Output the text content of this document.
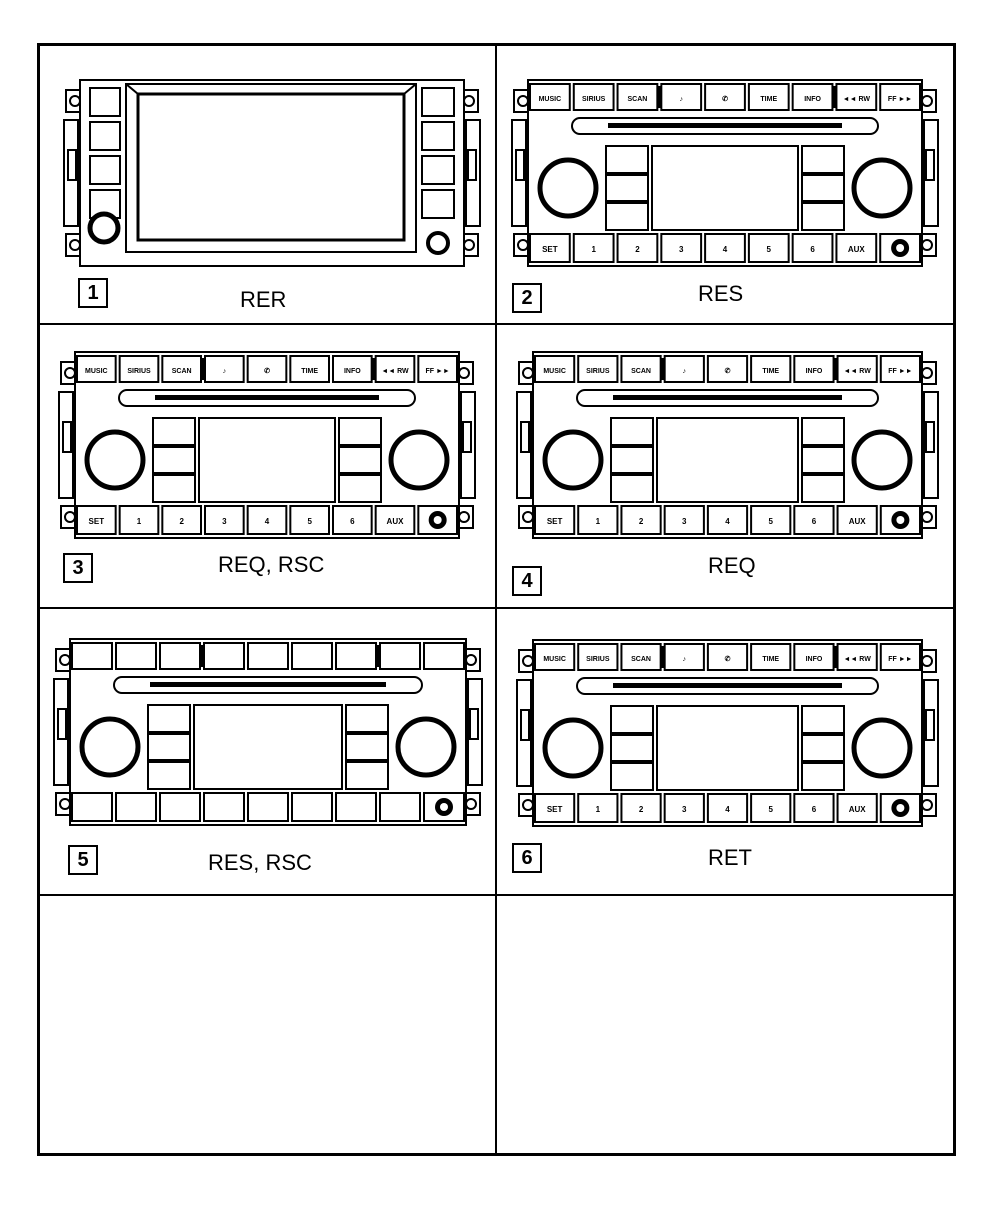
1	RER
MUSIC	SIRIUS	SCAN	♪	✆	TIME	INFO	◄◄ RW	FF ►►
SET	1	2	3	4	5	6	AUX
2	RES
MUSIC	SIRIUS	SCAN	♪	✆	TIME	INFO	◄◄ RW FF ►►
SET	1	2	3	4	5	6	AUX
3	REQ, RSC
MUSIC	SIRIUS	SCAN	♪	✆	TIME	INFO	◄◄ RW FF ►►
SET	1	2	3	4	5	6	AUX
4
REQ
5	RES, RSC
MUSIC	SIRIUS	SCAN	♪	✆	TIME	INFO	◄◄ RW FF ►►
SET	1	2	3	4	5	6	AUX
6	RET
